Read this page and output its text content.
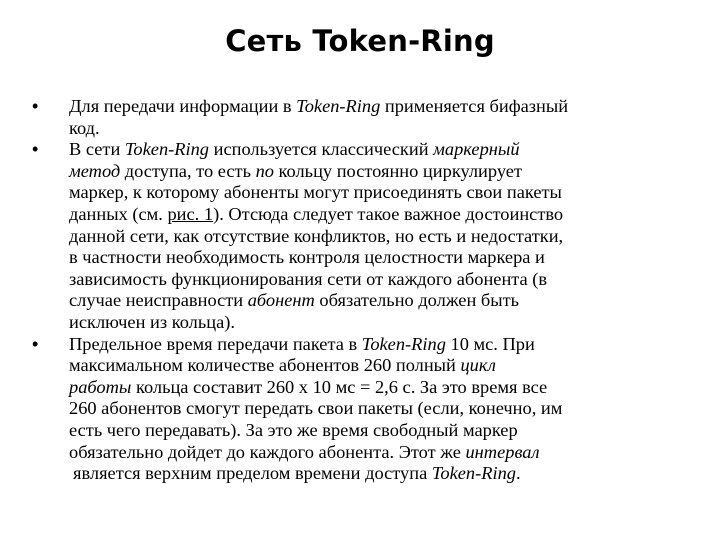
Сеть Token-Ring
• Для передачи информации в Token-Ring применяется бифазный
код.
• В сети Token-Ring используется классический маркерный
метод доступа, то есть по кольцу постоянно циркулирует
маркер, к которому абоненты могут присоединять свои пакеты
данных (см. рис. 1). Отсюда следует такое важное достоинство
данной сети, как отсутствие конфликтов, но есть и недостатки,
в частности необходимость контроля целостности маркера и
зависимость функционирования сети от каждого абонента (в
случае неисправности абонент обязательно должен быть
исключен из кольца).
• Предельное время передачи пакета в Token-Ring 10 мс. При
максимальном количестве абонентов 260 полный цикл
работы кольца составит 260 х 10 мс = 2,6 с. За это время все
260 абонентов смогут передать свои пакеты (если, конечно, им
есть чего передавать). За это же время свободный маркер
обязательно дойдет до каждого абонента. Этот же интервал
является верхним пределом времени доступа Token-Ring.
